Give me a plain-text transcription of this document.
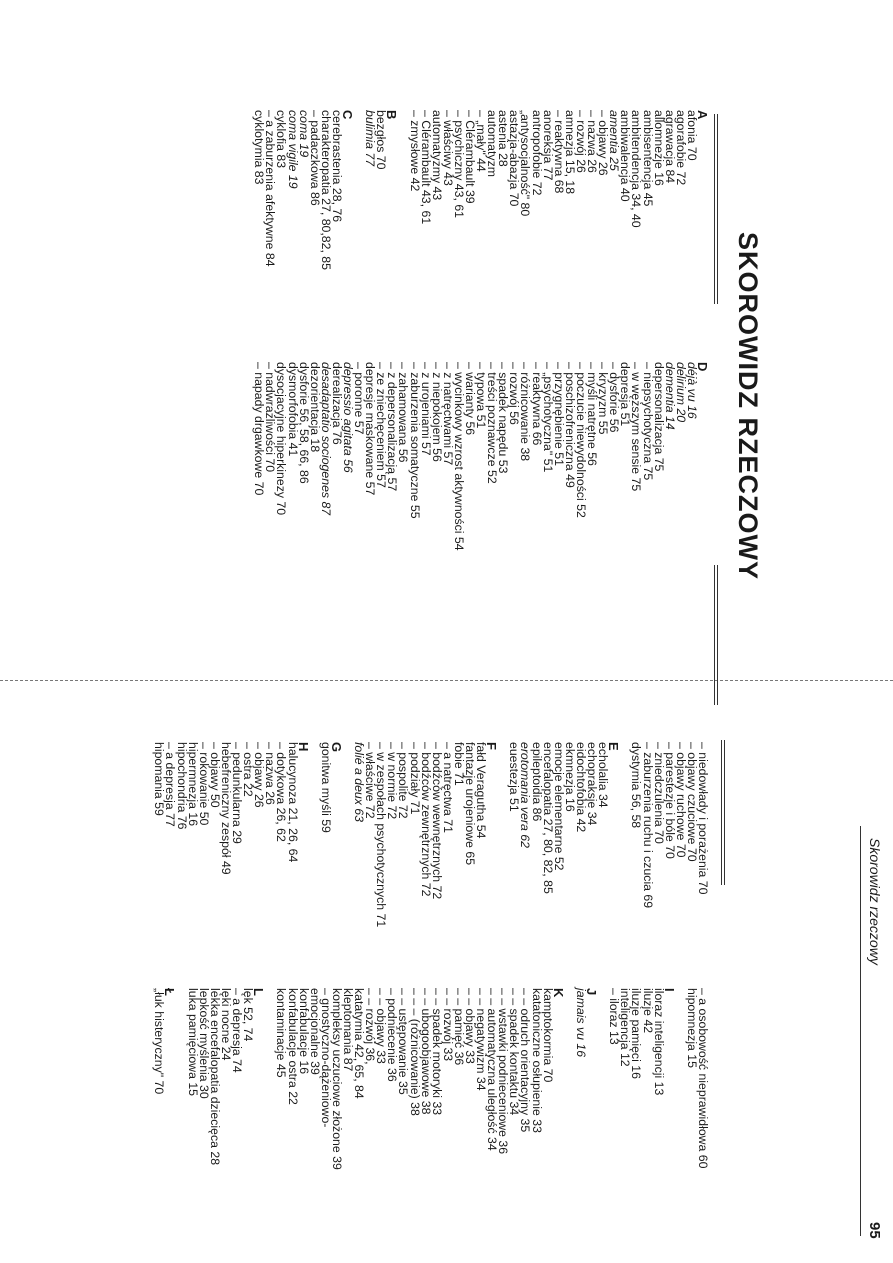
Skorowidz rzeczowy
95
SKOROWIDZ RZECZOWY
A
afonia 70
agorafobie 72
agrawacja 84
allomnezje 16
ambisentencja 45
ambitendencja 34, 40
ambiwalencja 40
amentia 25
– objawy 26
– nazwa 26
– rozwój 26
amnezja 15, 18
– reaktywna 68
anoreksja 77
antropofobie 72
„antysocjalność" 80
astazja-abazja 70
astenia 28
automatyzm
– „mały" 44
– Clérambault 39
– psychiczny 43, 61
– właściwy 43
automatyzmy 43
– Clérambault 43, 61
– zmysłowe 42
B
bezgłos 70
bulimia 77
C
cerebrastenia 28, 76
charakteropatia 27, 80,82, 85
– padaczkowa 86
coma 19
coma vigile 19
cyklofia 83
– a zaburzenia afektywne 84
cyklotymia 83
D
déjà vu 16
delirium 20
dementia 14
depersonalizacja 75
– niepsychotyczna 75
– w węższym sensie 75
depresja 51
– dysforie 56
– kryzyzm 55
– myśli natrętne 56
– poczucie niewydolności 52
– poschizofreniczna 49
– przygnębienie 51
– „psychotyczna" 51
– reaktywna 66
– różnicowanie 38
– rozwój 56
– spadek napędu 53
– treści poznawcze 52
– typowa 51
– warianty 56
– wycinkowy wzrost aktywności 54
– z natręctwami 57
– z niepokojem 56
– z urojeniami 57
– zaburzenia somatyczne 55
– zahamowana 56
– z depersonalizacją 57
– ze zniechęceniem 57
depresje maskowane 57
– poronne 57
depressio agitata 56
derealizacja 76
desadaptatio sociogenes 87
dezorientacja 18
dysforie 56, 58, 66, 86
dysmorfofobia 41
dysocjacyjne hiperkinezy 70
– nadwrażliwości 70
– napady drgawkowe 70
– niedowłady i porażenia 70
– objawy czuciowe 70
– objawy ruchowe 70
– parestezje i bóle 70
– zniedczulenia 70
– zaburzenia ruchu i czucia 69
dystymia 56, 58
E
echolalia 34
echopraksje 34
eidochtofobia 42
ekmnezja 16
emocje elementarne 52
encefalopatia 27, 80, 82, 85
epileptoidia 86
erotomania vera 62
euestezja 51
F
fałd Veragutha 54
fantazje urojeniowe 65
fobie 71
– a natręctwa 71
– bodźców wewnętrznych 72
– bodźców zewnętrznych 72
– podziały 71
– pospolite 72
– w normie 72
– w zespołach psychotycznych 71
– właściwe 72
folié a deux 63
G
gonitwa myśli 59
H
halucynoza 21, 26, 64
– dotykowa 26, 62
– nazwa 26
– objawy 26
– ostra 22
– pedunkularna 29
hebefreniczny zespół 49
– objawy 50
– rokowanie 50
hipermnezja 16
hipochondria 76
– a depresja 77
hipomania 59
– a osobowość nieprawidłowa 60
hipomnezja 15
I
iloraz inteligencji 13
iluzje 42
iluzje pamięci 16
inteligencja 12
– iloraz 13
J
jamais vu 16
K
kamptokormia 70
katatoniczne osłupienie 33
– – odruch orientacyjny 35
– – spadek kontaktu 34
– – wstawki podnieceniowe 36
– – automatyczna uległość 34
– – negatywizm 34
– – objawy 33
– – pamięć 36
– – rozwój 33
– – spadek motoryki 33
– – ubogoobjawowe 38
– – – (różnicowanie) 38
– – ustępowanie 35
– podniecenie 36
– – objawy 33
– – rozwój 36,
katatymia 42, 65, 84
kleptomania 87
kompleksy uczuciowe złożone 39
– gnostyczno-dążeniowo-
emocjonalne 39
konfabulacje 16
konfabulacje ostra 22
kontaminacje 45
L
lęk 52, 74
– a depresja 74
lęki nocne 24
lekka encefalopatia dziecięca 28
lepkość myślenia 30
luka pamięciowa 15
Ł
„łuk histeryczny" 70
